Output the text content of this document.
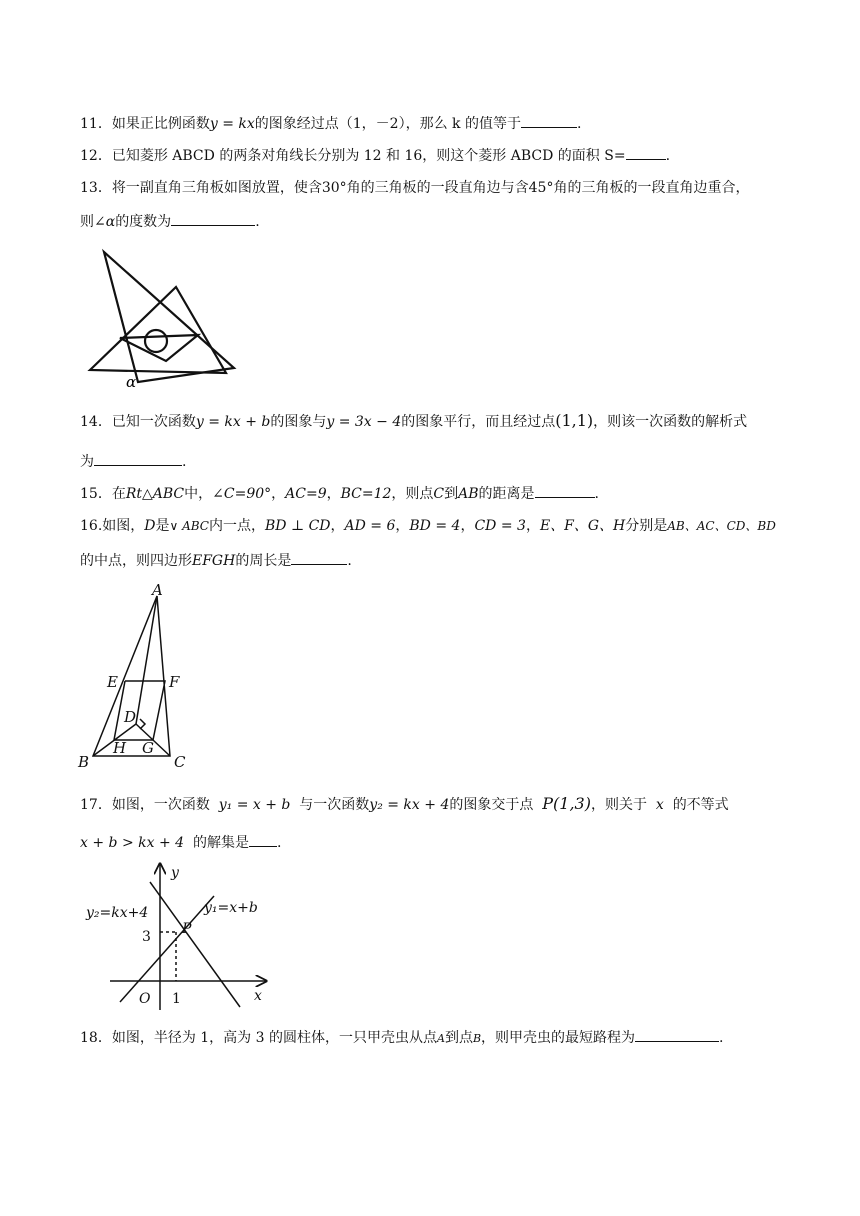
11．如果正比例函数y = kx的图象经过点（1，－2），那么 k 的值等于	.
12．已知菱形 ABCD 的两条对角线长分别为 12 和 16，则这个菱形 ABCD 的面积 S=	.
13．将一副直角三角板如图放置，使含30°角的三角板的一段直角边与含45°角的三角板的一段直角边重合，
则∠α的度数为	.
α
14．已知一次函数y = kx + b的图象与y = 3x − 4的图象平行，而且经过点(1,1)，则该一次函数的解析式
为	.
15．在Rt△ABC中，∠C=90°，AC=9，BC=12，则点C到AB的距离是	.
16.如图，D是∨ ABC内一点，BD ⊥ CD，AD = 6，BD = 4，CD = 3，E、F、G、H分别是AB、AC、CD、BD
的中点，则四边形EFGH的周长是	.
A
E	F
D
B
H G
C
17．如图，一次函数 y₁ = x + b 与一次函数y₂ = kx + 4的图象交于点 P(1,3)，则关于 x 的不等式
x + b > kx + 4 的解集是 .
y
x
y₂=kx+4	y₁=x+b
3
O 1
P
18．如图，半径为 1，高为 3 的圆柱体，一只甲壳虫从点A到点B，则甲壳虫的最短路程为	.
